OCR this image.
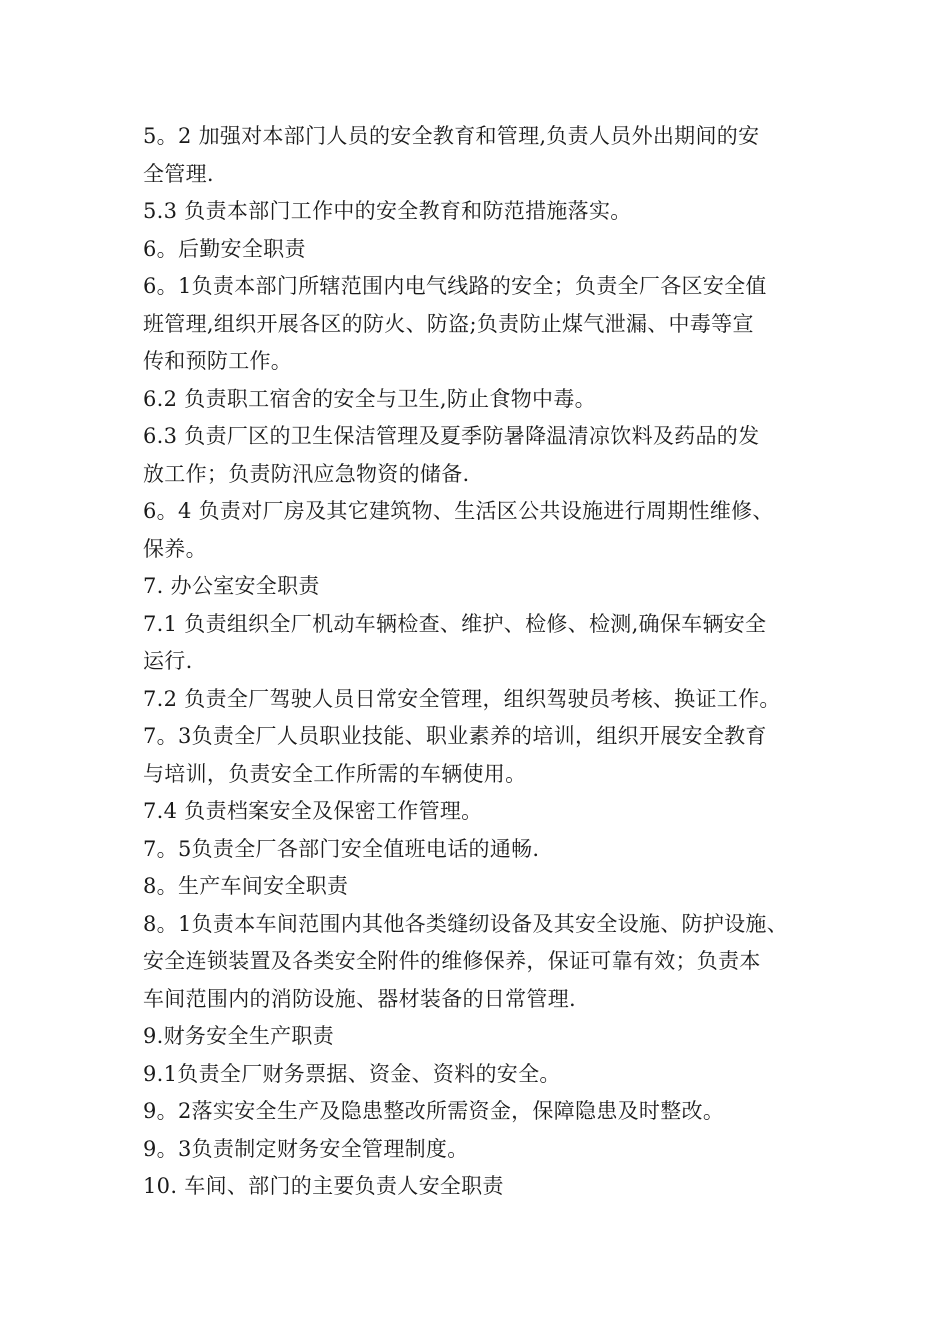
5。2 加强对本部门人员的安全教育和管理,负责人员外出期间的安
全管理.
5.3 负责本部门工作中的安全教育和防范措施落实。
6。后勤安全职责
6。1负责本部门所辖范围内电气线路的安全；负责全厂各区安全值
班管理,组织开展各区的防火、防盗;负责防止煤气泄漏、中毒等宣
传和预防工作。
6.2 负责职工宿舍的安全与卫生,防止食物中毒。
6.3 负责厂区的卫生保洁管理及夏季防暑降温清凉饮料及药品的发
放工作；负责防汛应急物资的储备.
6。4 负责对厂房及其它建筑物、生活区公共设施进行周期性维修、
保养。
7. 办公室安全职责
7.1 负责组织全厂机动车辆检查、维护、检修、检测,确保车辆安全
运行.
7.2 负责全厂驾驶人员日常安全管理，组织驾驶员考核、换证工作。
7。3负责全厂人员职业技能、职业素养的培训，组织开展安全教育
与培训，负责安全工作所需的车辆使用。
7.4 负责档案安全及保密工作管理。
7。5负责全厂各部门安全值班电话的通畅.
8。生产车间安全职责
8。1负责本车间范围内其他各类缝纫设备及其安全设施、防护设施、
安全连锁装置及各类安全附件的维修保养，保证可靠有效；负责本
车间范围内的消防设施、器材装备的日常管理.
9.财务安全生产职责
9.1负责全厂财务票据、资金、资料的安全。
9。2落实安全生产及隐患整改所需资金，保障隐患及时整改。
9。3负责制定财务安全管理制度。
10. 车间、部门的主要负责人安全职责
